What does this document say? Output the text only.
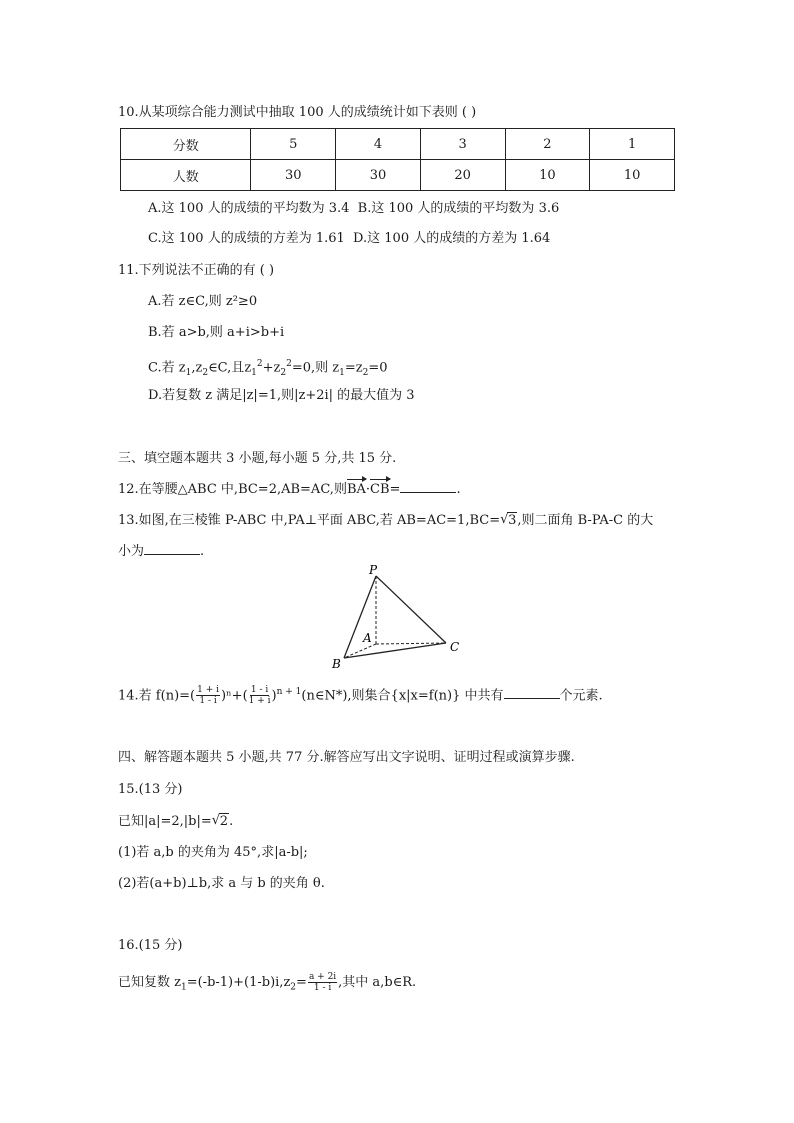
10.从某项综合能力测试中抽取 100 人的成绩统计如下表则 ( )
分数	5	4	3	2	1
人数	30	30	20	10	10
A.这 100 人的成绩的平均数为 3.4 B.这 100 人的成绩的平均数为 3.6
C.这 100 人的成绩的方差为 1.61 D.这 100 人的成绩的方差为 1.64
11.下列说法不正确的有 ( )
A.若 z∈C,则 z²≥0
B.若 a>b,则 a+i>b+i
C.若 $z_1,z_2\in C$,且$z_1^2+z_2^2=0$,则 $z_1=z_2=0$
D.若复数 z 满足|z|=1,则|z+2i| 的最大值为 3
三、填空题本题共 3 小题,每小题 5 分,共 15 分.
12.在等腰△ABC 中,BC=2,AB=AC,则BA·CB=	.
13.如图,在三棱锥 P-ABC 中,PA⊥平面 ABC,若 AB=AC=1,BC= √ 3,则二面角 B-PA-C 的大
小为	.
P
A
B
C
14.若 $f(n)=( \frac{1 + i}{1 - i} )^n+( \frac{1 - i}{1 + i}$ )$^{n + 1}(n\in N*)$,则集合{x|x=f(n)} 中共有	个元素.
四、解答题本题共 5 小题,共 77 分.解答应写出文字说明、证明过程或演算步骤.
15.(13 分)
已知|a|=2,|b|= √ 2.
(1)若 a,b 的夹角为 45°,求|a-b|;
(2)若(a+b)⊥b,求 a 与 b 的夹角 θ.
16.(15 分)
已知复数 $z_1=(-b-1)+(1-b)i,z_2= \frac{a + 2i}{1 - i}$ ,其中 a,b∈R.
